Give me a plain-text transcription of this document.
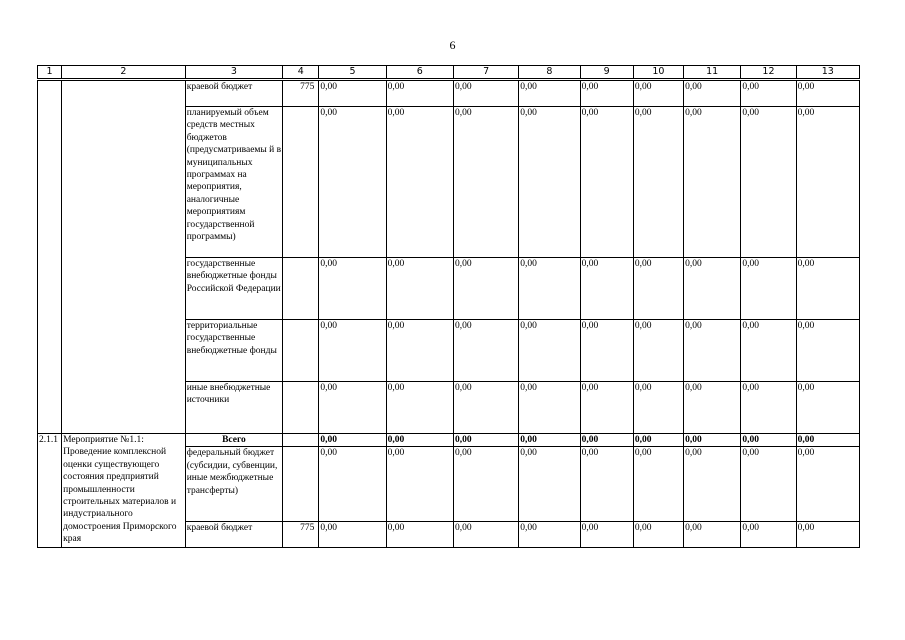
6
1	2	3	4	5	6	7	8	9	10	11	12	13
		краевой бюджет	775	0,00	0,00	0,00	0,00	0,00	0,00	0,00	0,00	0,00
		планируемый объем средств местных бюджетов (предусматриваемы й в муниципальных программах на мероприятия, аналогичные мероприятиям государственной программы)		0,00	0,00	0,00	0,00	0,00	0,00	0,00	0,00	0,00
		государственные внебюджетные фонды Российской Федерации		0,00	0,00	0,00	0,00	0,00	0,00	0,00	0,00	0,00
		территориальные государственные внебюджетные фонды		0,00	0,00	0,00	0,00	0,00	0,00	0,00	0,00	0,00
		иные внебюджетные источники		0,00	0,00	0,00	0,00	0,00	0,00	0,00	0,00	0,00
2.1.1	Мероприятие №1.1: Проведение комплексной оценки существующего состояния предприятий промышленности строительных материалов и индустриального домостроения Приморского края	Всего		0,00	0,00	0,00	0,00	0,00	0,00	0,00	0,00	0,00
		федеральный бюджет (субсидии, субвенции, иные межбюджетные трансферты)		0,00	0,00	0,00	0,00	0,00	0,00	0,00	0,00	0,00
		краевой бюджет	775	0,00	0,00	0,00	0,00	0,00	0,00	0,00	0,00	0,00
